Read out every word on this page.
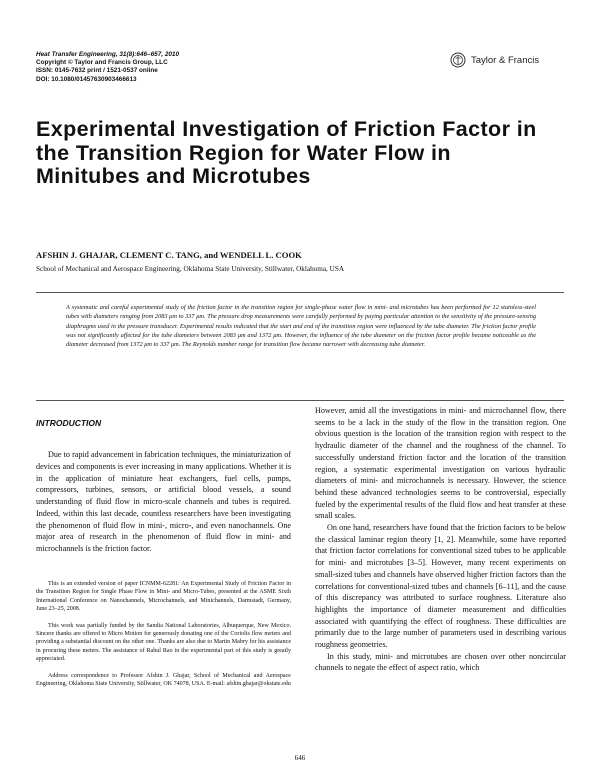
Heat Transfer Engineering, 31(8):646–657, 2010
Copyright © Taylor and Francis Group, LLC
ISSN: 0145-7632 print / 1521-0537 online
DOI: 10.1080/01457630903466613
Taylor & Francis
Experimental Investigation of Friction Factor in the Transition Region for Water Flow in Minitubes and Microtubes
AFSHIN J. GHAJAR, CLEMENT C. TANG, and WENDELL L. COOK
School of Mechanical and Aerospace Engineering, Oklahoma State University, Stillwater, Oklahoma, USA

A systematic and careful experimental study of the friction factor in the transition region for single-phase water flow in mini- and microtubes has been performed for 12 stainless-steel tubes with diameters ranging from 2083 μm to 337 μm. The pressure drop measurements were carefully performed by paying particular attention to the sensitivity of the pressure-sensing diaphragms used in the pressure transducer. Experimental results indicated that the start and end of the transition region were influenced by the tube diameter. The friction factor profile was not significantly affected for the tube diameters between 2083 μm and 1372 μm. However, the influence of the tube diameter on the friction factor profile became noticeable as the diameter decreased from 1372 μm to 337 μm. The Reynolds number range for transition flow became narrower with decreasing tube diameter.

INTRODUCTION

Due to rapid advancement in fabrication techniques, the miniaturization of devices and components is ever increasing in many applications. Whether it is in the application of miniature heat exchangers, fuel cells, pumps, compressors, turbines, sensors, or artificial blood vessels, a sound understanding of fluid flow in micro-scale channels and tubes is required. Indeed, within this last decade, countless researchers have been investigating the phenomenon of fluid flow in mini-, micro-, and even nanochannels. One major area of research in the phenomenon of fluid flow in mini- and microchannels is the friction factor.

This is an extended version of paper ICNMM-62281: An Experimental Study of Friction Factor in the Transition Region for Single Phase Flow in Mini- and Micro-Tubes, presented at the ASME Sixth International Conference on Nanochannels, Microchannels, and Minichannels, Darmstadt, Germany, June 23–25, 2008.

This work was partially funded by the Sandia National Laboratories, Albuquerque, New Mexico. Sincere thanks are offered to Micro Motion for generously donating one of the Coriolis flow meters and providing a substantial discount on the other one. Thanks are also due to Martin Mabry for his assistance in procuring these meters. The assistance of Rahul Rao in the experimental part of this study is greatly appreciated.

Address correspondence to Professor Afshin J. Ghajar, School of Mechanical and Aerospace Engineering, Oklahoma State University, Stillwater, OK 74078, USA. E-mail: afshin.ghajar@okstate.edu

However, amid all the investigations in mini- and microchannel flow, there seems to be a lack in the study of the flow in the transition region. One obvious question is the location of the transition region with respect to the hydraulic diameter of the channel and the roughness of the channel. To successfully understand friction factor and the location of the transition region, a systematic experimental investigation on various hydraulic diameters of mini- and microchannels is necessary. However, the science behind these advanced technologies seems to be controversial, especially fueled by the experimental results of the fluid flow and heat transfer at these small scales.

On one hand, researchers have found that the friction factors to be below the classical laminar region theory [1, 2]. Meanwhile, some have reported that friction factor correlations for conventional sized tubes to be applicable for mini- and microtubes [3–5]. However, many recent experiments on small-sized tubes and channels have observed higher friction factors than the correlations for conventional-sized tubes and channels [6–11], and the cause of this discrepancy was attributed to surface roughness. Literature also highlights the importance of diameter measurement and difficulties associated with quantifying the effect of roughness. These difficulties are primarily due to the large number of parameters used in describing various roughness geometries.

In this study, mini- and microtubes are chosen over other noncircular channels to negate the effect of aspect ratio, which

646
